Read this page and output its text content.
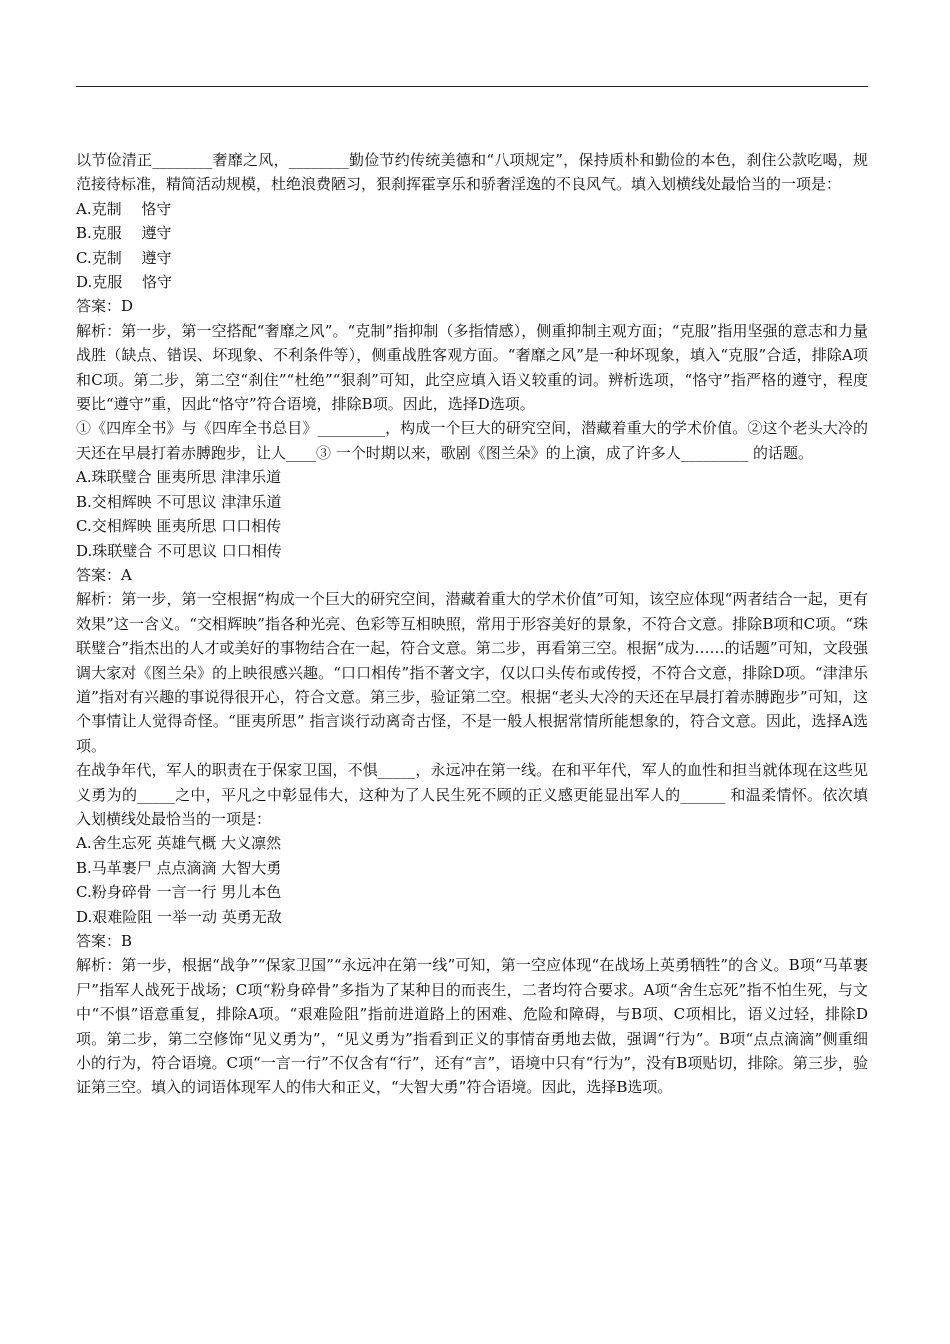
以节俭清正________奢靡之风，________勤俭节约传统美德和“八项规定”，保持质朴和勤俭的本色，刹住公款吃喝，规范接待标准，精简活动规模，杜绝浪费陋习，狠刹挥霍享乐和骄奢淫逸的不良风气。填入划横线处最恰当的一项是：

A.克制　 恪守

B.克服　 遵守

C.克制　 遵守

D.克服　 恪守

答案：D

解析：第一步，第一空搭配“奢靡之风”。“克制”指抑制（多指情感），侧重抑制主观方面；“克服”指用坚强的意志和力量战胜（缺点、错误、坏现象、不利条件等），侧重战胜客观方面。“奢靡之风”是一种坏现象，填入“克服”合适，排除A项和C项。第二步，第二空“刹住”“杜绝”“狠刹”可知，此空应填入语义较重的词。辨析选项，“恪守”指严格的遵守，程度要比“遵守”重，因此“恪守”符合语境，排除B项。因此，选择D选项。

①《四库全书》与《四库全书总目》_________，构成一个巨大的研究空间，潜藏着重大的学术价值。②这个老头大冷的天还在早晨打着赤膊跑步，让人____③ 一个时期以来，歌剧《图兰朵》的上演，成了许多人_________ 的话题。

A.珠联璧合 匪夷所思 津津乐道

B.交相辉映 不可思议 津津乐道

C.交相辉映 匪夷所思 口口相传

D.珠联璧合 不可思议 口口相传

答案：A

解析：第一步，第一空根据“构成一个巨大的研究空间，潜藏着重大的学术价值”可知，该空应体现“两者结合一起，更有效果”这一含义。“交相辉映”指各种光亮、色彩等互相映照，常用于形容美好的景象，不符合文意。排除B项和C项。“珠联璧合”指杰出的人才或美好的事物结合在一起，符合文意。第二步，再看第三空。根据“成为……的话题”可知，文段强调大家对《图兰朵》的上映很感兴趣。“口口相传”指不著文字，仅以口头传布或传授，不符合文意，排除D项。“津津乐道”指对有兴趣的事说得很开心，符合文意。第三步，验证第二空。根据“老头大冷的天还在早晨打着赤膊跑步”可知，这个事情让人觉得奇怪。“匪夷所思” 指言谈行动离奇古怪，不是一般人根据常情所能想象的，符合文意。因此，选择A选项。

在战争年代，军人的职责在于保家卫国，不惧_____，永远冲在第一线。在和平年代，军人的血性和担当就体现在这些见义勇为的_____之中，平凡之中彰显伟大，这种为了人民生死不顾的正义感更能显出军人的______ 和温柔情怀。依次填入划横线处最恰当的一项是：

A.舍生忘死 英雄气概 大义凛然

B.马革裹尸 点点滴滴 大智大勇

C.粉身碎骨 一言一行 男儿本色

D.艰难险阻 一举一动 英勇无敌

答案：B

解析：第一步，根据“战争”“保家卫国”“永远冲在第一线”可知，第一空应体现“在战场上英勇牺牲”的含义。B项“马革裹尸”指军人战死于战场；C项“粉身碎骨”多指为了某种目的而丧生，二者均符合要求。A项“舍生忘死”指不怕生死，与文中“不惧”语意重复，排除A项。“艰难险阻”指前进道路上的困难、危险和障碍，与B项、C项相比，语义过轻，排除D项。第二步，第二空修饰“见义勇为”，“见义勇为”指看到正义的事情奋勇地去做，强调“行为”。B项“点点滴滴”侧重细小的行为，符合语境。C项“一言一行”不仅含有“行”，还有“言”，语境中只有“行为”，没有B项贴切，排除。第三步，验证第三空。填入的词语体现军人的伟大和正义，“大智大勇”符合语境。因此，选择B选项。
